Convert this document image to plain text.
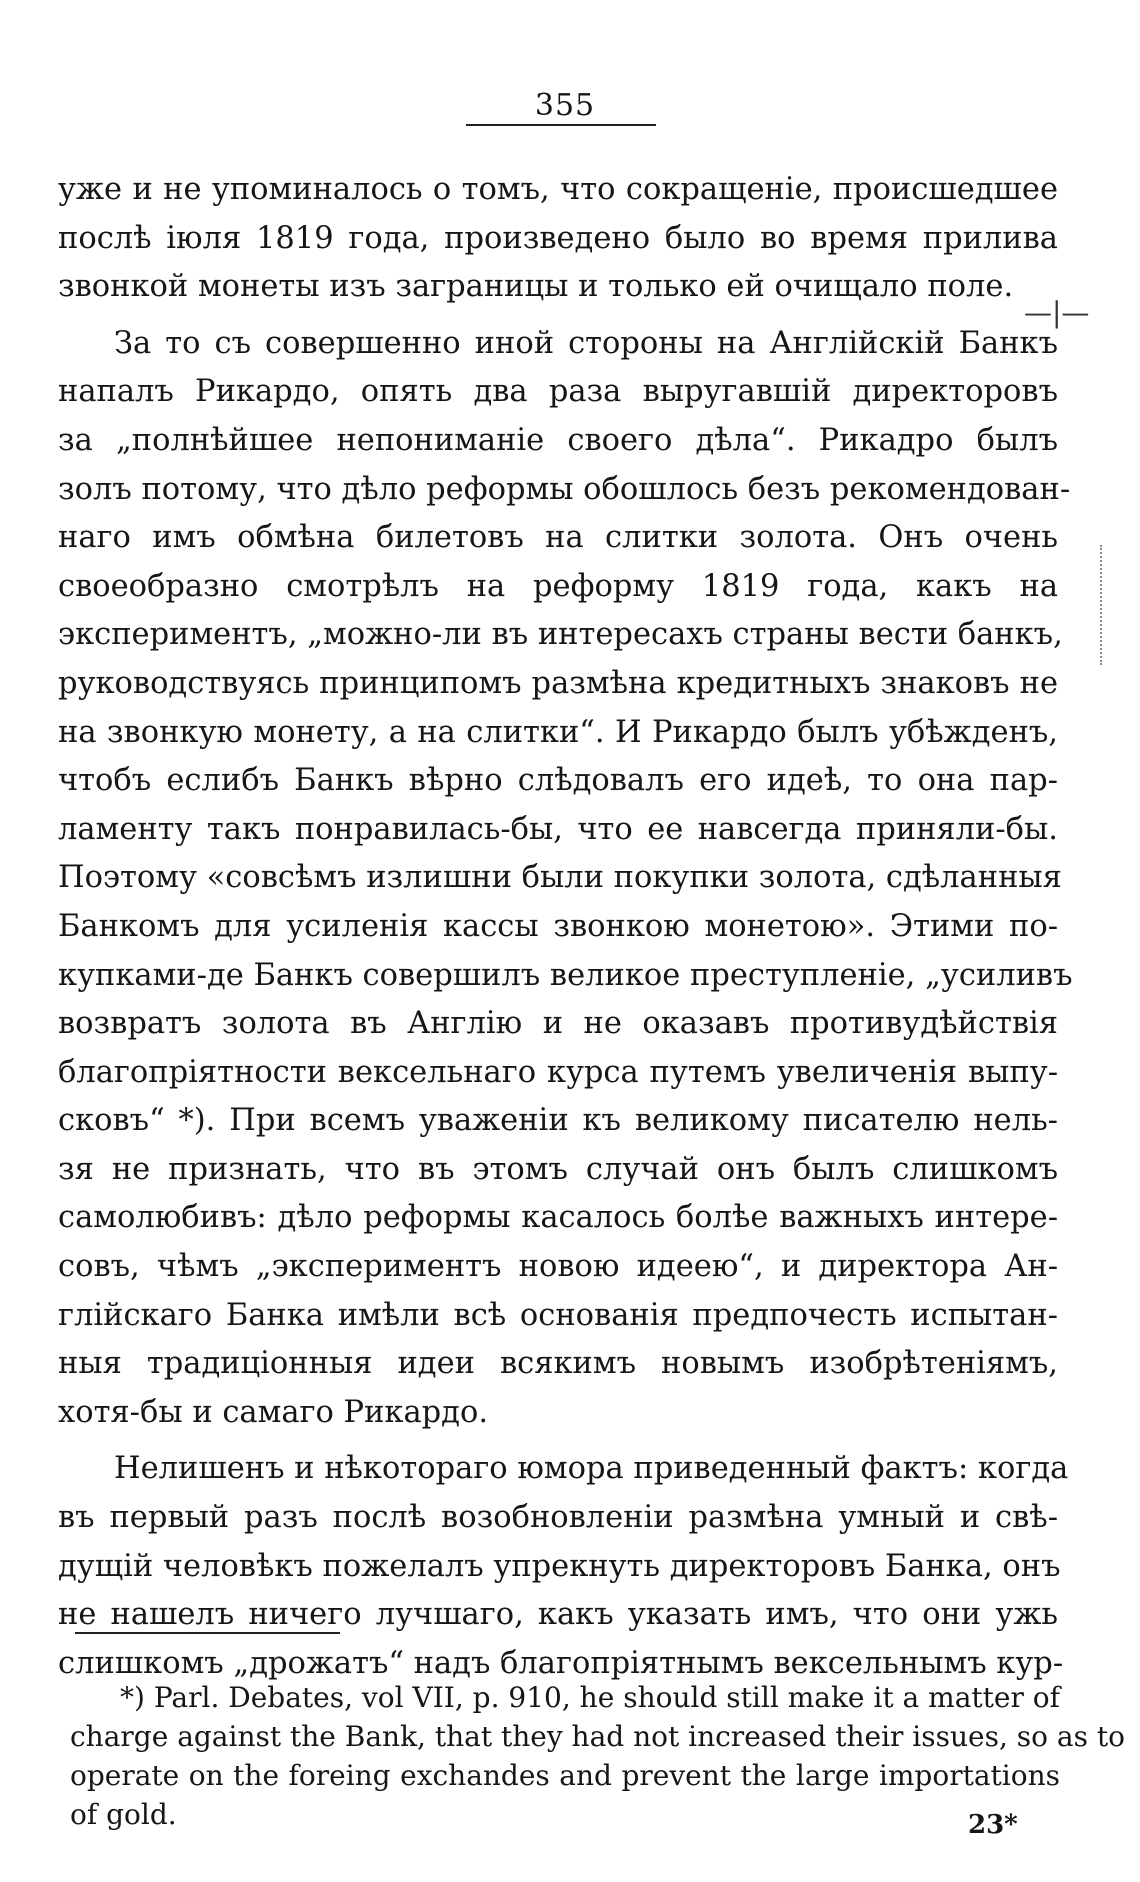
355
уже и не упоминалось о томъ, что сокращеніе, происшедшее
послѣ іюля 1819 года, произведено было во время прилива
звонкой монеты изъ заграницы и только ей очищало поле.
За то съ совершенно иной стороны на Англійскій Банкъ
напалъ Рикардо, опять два раза выругавшій директоровъ
за „полнѣйшее непониманіе своего дѣла“. Рикадро былъ
золъ потому, что дѣло реформы обошлось безъ рекомендован-
наго имъ обмѣна билетовъ на слитки золота. Онъ очень
своеобразно смотрѣлъ на реформу 1819 года, какъ на
экспериментъ, „можно-ли въ интересахъ страны вести банкъ,
руководствуясь принципомъ размѣна кредитныхъ знаковъ не
на звонкую монету, а на слитки“. И Рикардо былъ убѣжденъ,
чтобъ еслибъ Банкъ вѣрно слѣдовалъ его идеѣ, то она пар-
ламенту такъ понравилась-бы, что ее навсегда приняли-бы.
Поэтому «совсѣмъ излишни были покупки золота, сдѣланныя
Банкомъ для усиленія кассы звонкою монетою». Этими по-
купками-де Банкъ совершилъ великое преступленіе, „усиливъ
возвратъ золота въ Англію и не оказавъ противудѣйствія
благопріятности вексельнаго курса путемъ увеличенія выпу-
сковъ“ *). При всемъ уваженіи къ великому писателю нель-
зя не признать, что въ этомъ случай онъ былъ слишкомъ
самолюбивъ: дѣло реформы касалось болѣе важныхъ интере-
совъ, чѣмъ „экспериментъ новою идеею“, и директора Ан-
глійскаго Банка имѣли всѣ основанія предпочесть испытан-
ныя традиціонныя идеи всякимъ новымъ изобрѣтеніямъ,
хотя-бы и самаго Рикардо.
Нелишенъ и нѣкотораго юмора приведенный фактъ: когда
въ первый разъ послѣ возобновленіи размѣна умный и свѣ-
дущій человѣкъ пожелалъ упрекнуть директоровъ Банка, онъ
не нашелъ ничего лучшаго, какъ указать имъ, что они ужь
слишкомъ „дрожатъ“ надъ благопріятнымъ вексельнымъ кур-
—|—
*) Parl. Debates, vol VII, p. 910, he should still make it a matter of
charge against the Bank, that they had not increased their issues, so as to
operate on the foreing exchandes and prevent the large importations
of gold.	23*
